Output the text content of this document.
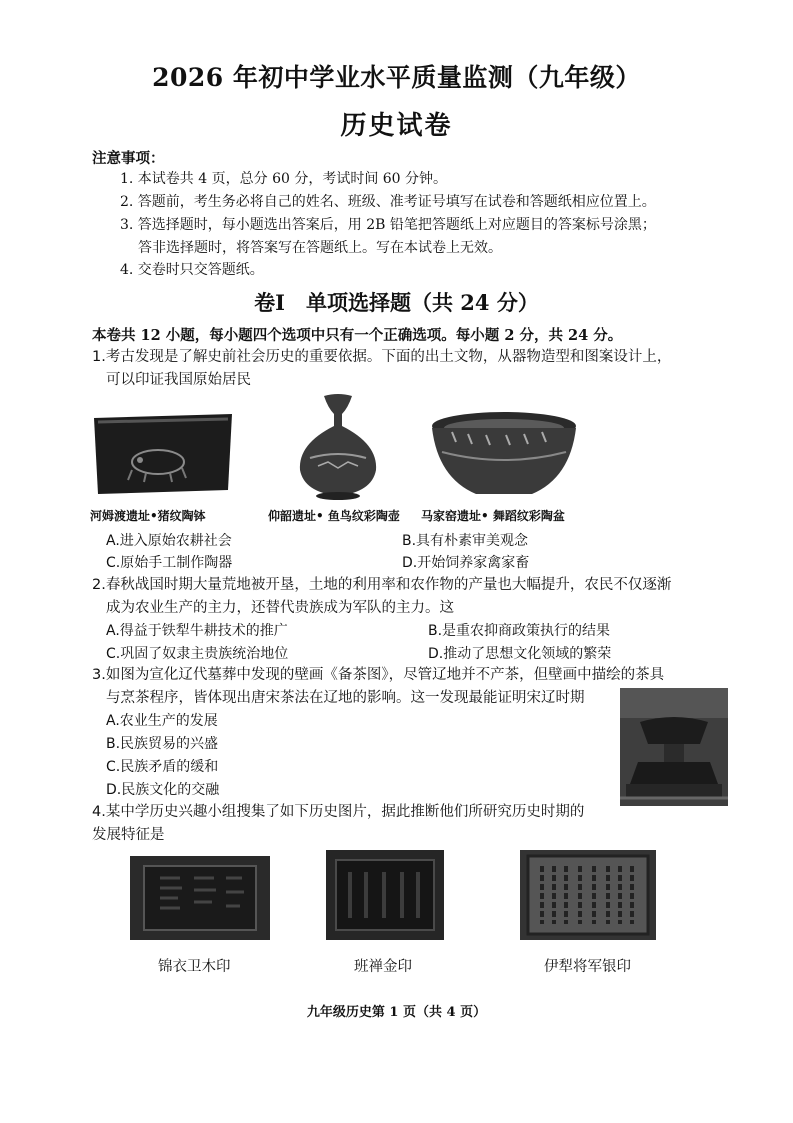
2026 年初中学业水平质量监测（九年级）
历史试卷
注意事项：
1. 本试卷共 4 页，总分 60 分，考试时间 60 分钟。
2. 答题前，考生务必将自己的姓名、班级、准考证号填写在试卷和答题纸相应位置上。
3. 答选择题时，每小题选出答案后，用 2B 铅笔把答题纸上对应题目的答案标号涂黑；
答非选择题时，将答案写在答题纸上。写在本试卷上无效。
4. 交卷时只交答题纸。
卷Ⅰ　单项选择题（共 24 分）
本卷共 12 小题，每小题四个选项中只有一个正确选项。每小题 2 分，共 24 分。
1.考古发现是了解史前社会历史的重要依据。下面的出土文物，从器物造型和图案设计上，
可以印证我国原始居民
河姆渡遗址•猪纹陶钵	仰韶遗址• 鱼鸟纹彩陶壶 马家窑遗址• 舞蹈纹彩陶盆
A.进入原始农耕社会	B.具有朴素审美观念
C.原始手工制作陶器	D.开始饲养家禽家畜
2.春秋战国时期大量荒地被开垦，土地的利用率和农作物的产量也大幅提升，农民不仅逐渐
成为农业生产的主力，还替代贵族成为军队的主力。这
A.得益于铁犁牛耕技术的推广	B.是重农抑商政策执行的结果
C.巩固了奴隶主贵族统治地位	D.推动了思想文化领域的繁荣
3.如图为宣化辽代墓葬中发现的壁画《备茶图》，尽管辽地并不产茶，但壁画中描绘的茶具
与烹茶程序，皆体现出唐宋茶法在辽地的影响。这一发现最能证明宋辽时期
A.农业生产的发展
B.民族贸易的兴盛
C.民族矛盾的缓和
D.民族文化的交融
4.某中学历史兴趣小组搜集了如下历史图片，据此推断他们所研究历史时期的
发展特征是
锦衣卫木印	班禅金印	伊犁将军银印
九年级历史第 1 页（共 4 页）
